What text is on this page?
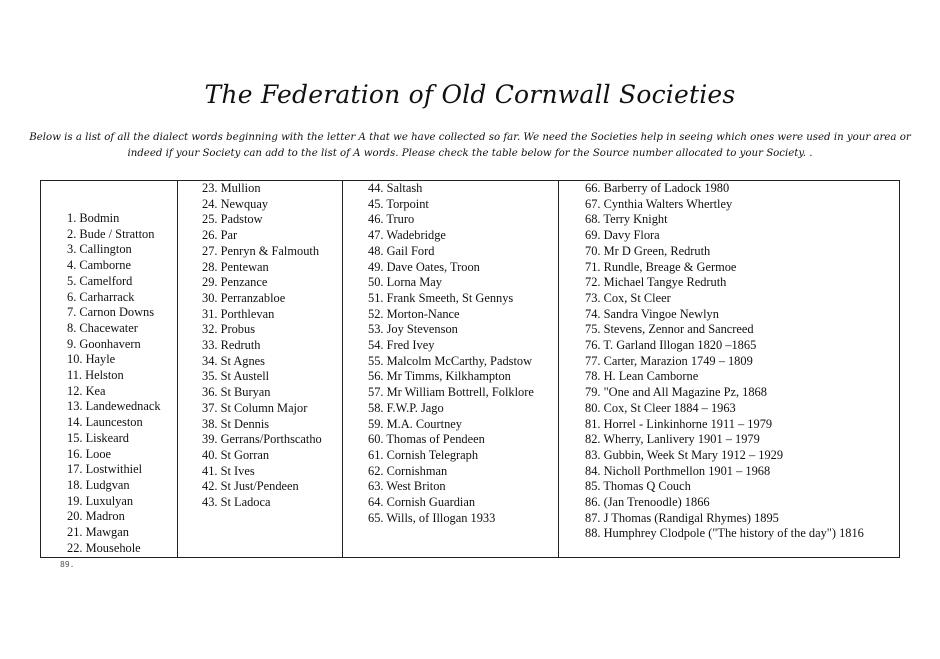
The Federation of Old Cornwall Societies
Below is a list of all the dialect words beginning with the letter A that we have collected so far. We need the Societies help in seeing which ones were used in your area or indeed if your Society can add to the list of A words. Please check the table below for the Source number allocated to your Society. .
1. Bodmin
2. Bude / Stratton
3. Callington
4. Camborne
5. Camelford
6. Carharrack
7. Carnon Downs
8. Chacewater
9. Goonhavern
10. Hayle
11. Helston
12. Kea
13. Landewednack
14. Launceston
15. Liskeard
16. Looe
17. Lostwithiel
18. Ludgvan
19. Luxulyan
20. Madron
21. Mawgan
22. Mousehole
23. Mullion
24. Newquay
25. Padstow
26. Par
27. Penryn & Falmouth
28. Pentewan
29. Penzance
30. Perranzabloe
31. Porthlevan
32. Probus
33. Redruth
34. St Agnes
35. St Austell
36. St Buryan
37. St Column Major
38. St Dennis
39. Gerrans/Porthscatho
40. St Gorran
41. St Ives
42. St Just/Pendeen
43. St Ladoca
44. Saltash
45. Torpoint
46. Truro
47. Wadebridge
48. Gail Ford
49. Dave Oates, Troon
50. Lorna May
51. Frank Smeeth, St Gennys
52. Morton-Nance
53. Joy Stevenson
54. Fred Ivey
55. Malcolm McCarthy, Padstow
56. Mr Timms, Kilkhampton
57. Mr William Bottrell, Folklore
58. F.W.P. Jago
59. M.A. Courtney
60. Thomas of Pendeen
61. Cornish Telegraph
62. Cornishman
63. West Briton
64. Cornish Guardian
65. Wills, of Illogan 1933
66. Barberry of Ladock 1980
67. Cynthia Walters Whertley
68. Terry Knight
69. Davy Flora
70. Mr D Green, Redruth
71. Rundle, Breage & Germoe
72. Michael Tangye Redruth
73. Cox, St Cleer
74. Sandra Vingoe Newlyn
75. Stevens, Zennor and Sancreed
76. T. Garland Illogan 1820 –1865
77. Carter, Marazion 1749 – 1809
78. H. Lean Camborne
79. "One and All Magazine Pz, 1868
80. Cox, St Cleer 1884 – 1963
81. Horrel - Linkinhorne 1911 – 1979
82. Wherry, Lanlivery 1901 – 1979
83. Gubbin, Week St Mary 1912 – 1929
84. Nicholl Porthmellon 1901 – 1968
85. Thomas Q Couch
86. (Jan Trenoodle) 1866
87. J Thomas (Randigal Rhymes) 1895
88. Humphrey Clodpole ("The history of the day") 1816
89.
